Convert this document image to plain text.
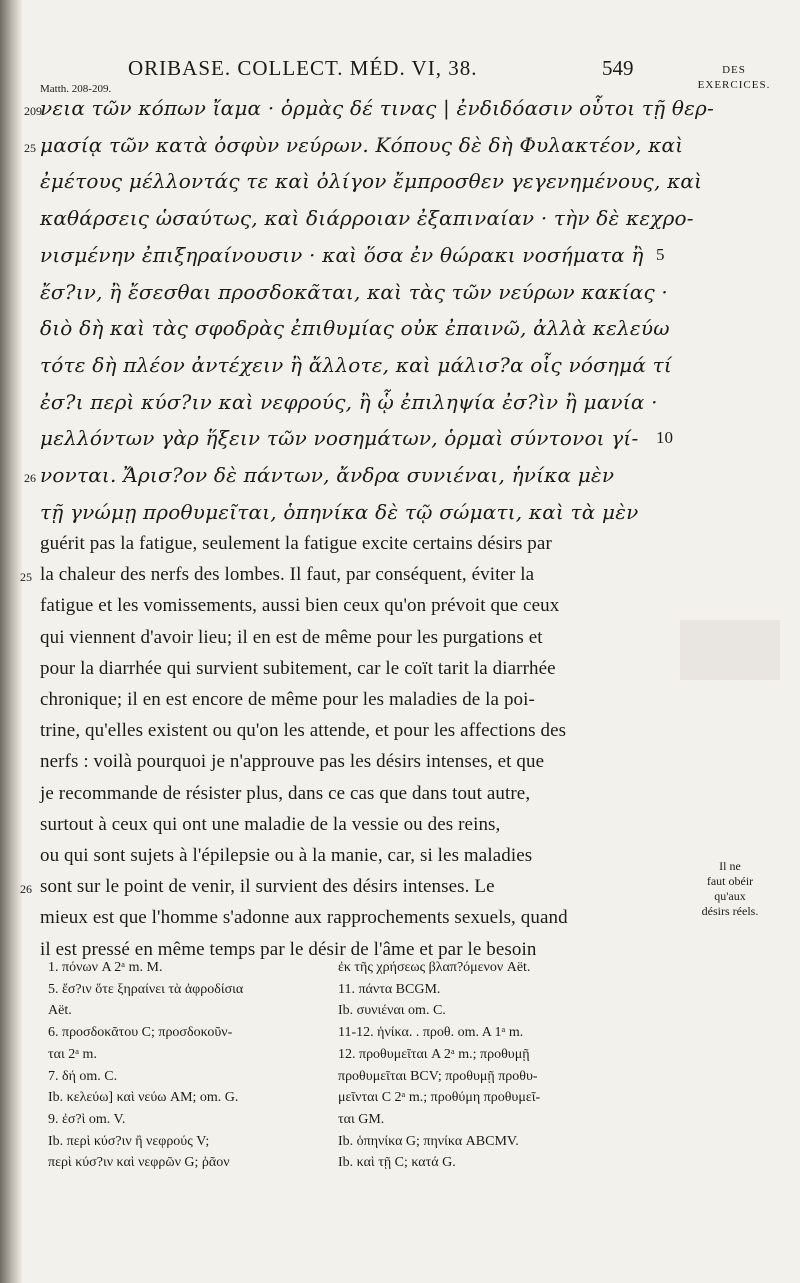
ORIBASE. COLLECT. MÉD. VI, 38.	549	DES EXERCICES.
Matth. 208-209.
νεια τῶν κόπων ἴαμα · ὁρμὰς δέ τινας | ἐνδιδόασιν οὗτοι τῇ θερ-
μασίᾳ τῶν κατὰ ὀσφὺν νεύρων. Κόπους δὲ δὴ Φυλακτέον, καὶ
ἐμέτους μέλλοντάς τε καὶ ὀλίγον ἔμπροσθεν γεγενημένους, καὶ
καθάρσεις ὡσαύτως, καὶ διάρροιαν ἐξαπιναίαν · τὴν δὲ κεχρο-
νισμένην ἐπιξηραίνουσιν · καὶ ὅσα ἐν θώρακι νοσήματα ἢ
ἔσ?ιν, ἢ ἔσεσθαι προσδοκᾶται, καὶ τὰς τῶν νεύρων κακίας ·
διὸ δὴ καὶ τὰς σφοδρὰς ἐπιθυμίας οὐκ ἐπαινῶ, ἀλλὰ κελεύω
τότε δὴ πλέον ἀντέχειν ἢ ἄλλοτε, καὶ μάλισ?α οἷς νόσημά τί
ἐσ?ι περὶ κύσ?ιν καὶ νεφρούς, ἢ ᾧ ἐπιληψία ἐσ?ὶν ἢ μανία ·
μελλόντων γὰρ ἥξειν τῶν νοσημάτων, ὁρμαὶ σύντονοι γί-
νονται. Ἄρισ?ον δὲ πάντων, ἄνδρα συνιέναι, ἡνίκα μὲν
τῇ γνώμῃ προθυμεῖται, ὁπηνίκα δὲ τῷ σώματι, καὶ τὰ μὲν
209
25
26
5
10
guérit pas la fatigue, seulement la fatigue excite certains désirs par
la chaleur des nerfs des lombes. Il faut, par conséquent, éviter la
fatigue et les vomissements, aussi bien ceux qu'on prévoit que ceux
qui viennent d'avoir lieu; il en est de même pour les purgations et
pour la diarrhée qui survient subitement, car le coït tarit la diarrhée
chronique; il en est encore de même pour les maladies de la poi-
trine, qu'elles existent ou qu'on les attende, et pour les affections des
nerfs : voilà pourquoi je n'approuve pas les désirs intenses, et que
je recommande de résister plus, dans ce cas que dans tout autre,
surtout à ceux qui ont une maladie de la vessie ou des reins,
ou qui sont sujets à l'épilepsie ou à la manie, car, si les maladies
sont sur le point de venir, il survient des désirs intenses. Le
mieux est que l'homme s'adonne aux rapprochements sexuels, quand
il est pressé en même temps par le désir de l'âme et par le besoin
25
26
Il ne
faut obéir
qu'aux
désirs réels.
1. πόνων A 2ᵃ m. M.
5. ἔσ?ιν ὅτε ξηραίνει τὰ ἀφροδίσια
Aët.
6. προσδοκᾶτου C; προσδοκοῦν-
ται 2ᵃ m.
7. δή om. C.
Ib. κελεύω] καὶ νεύω AM; om. G.
9. ἐσ?ὶ om. V.
Ib. περὶ κύσ?ιν ἢ νεφρούς V;
περὶ κύσ?ιν καὶ νεφρῶν G; ῥᾶον
ἐκ τῆς χρήσεως βλαπ?όμενον Aët.
11. πάντα BCGM.
Ib. συνιέναι om. C.
11-12. ἡνίκα. . προθ. om. A 1ᵃ m.
12. προθυμεῖται A 2ᵃ m.; προθυμῇ
προθυμεῖται BCV; προθυμῇ προθυ-
μεῖνται C 2ᵃ m.; προθύμη προθυμεῖ-
ται GM.
Ib. ὁπηνίκα G; πηνίκα ABCMV.
Ib. καὶ τῇ C; κατά G.
